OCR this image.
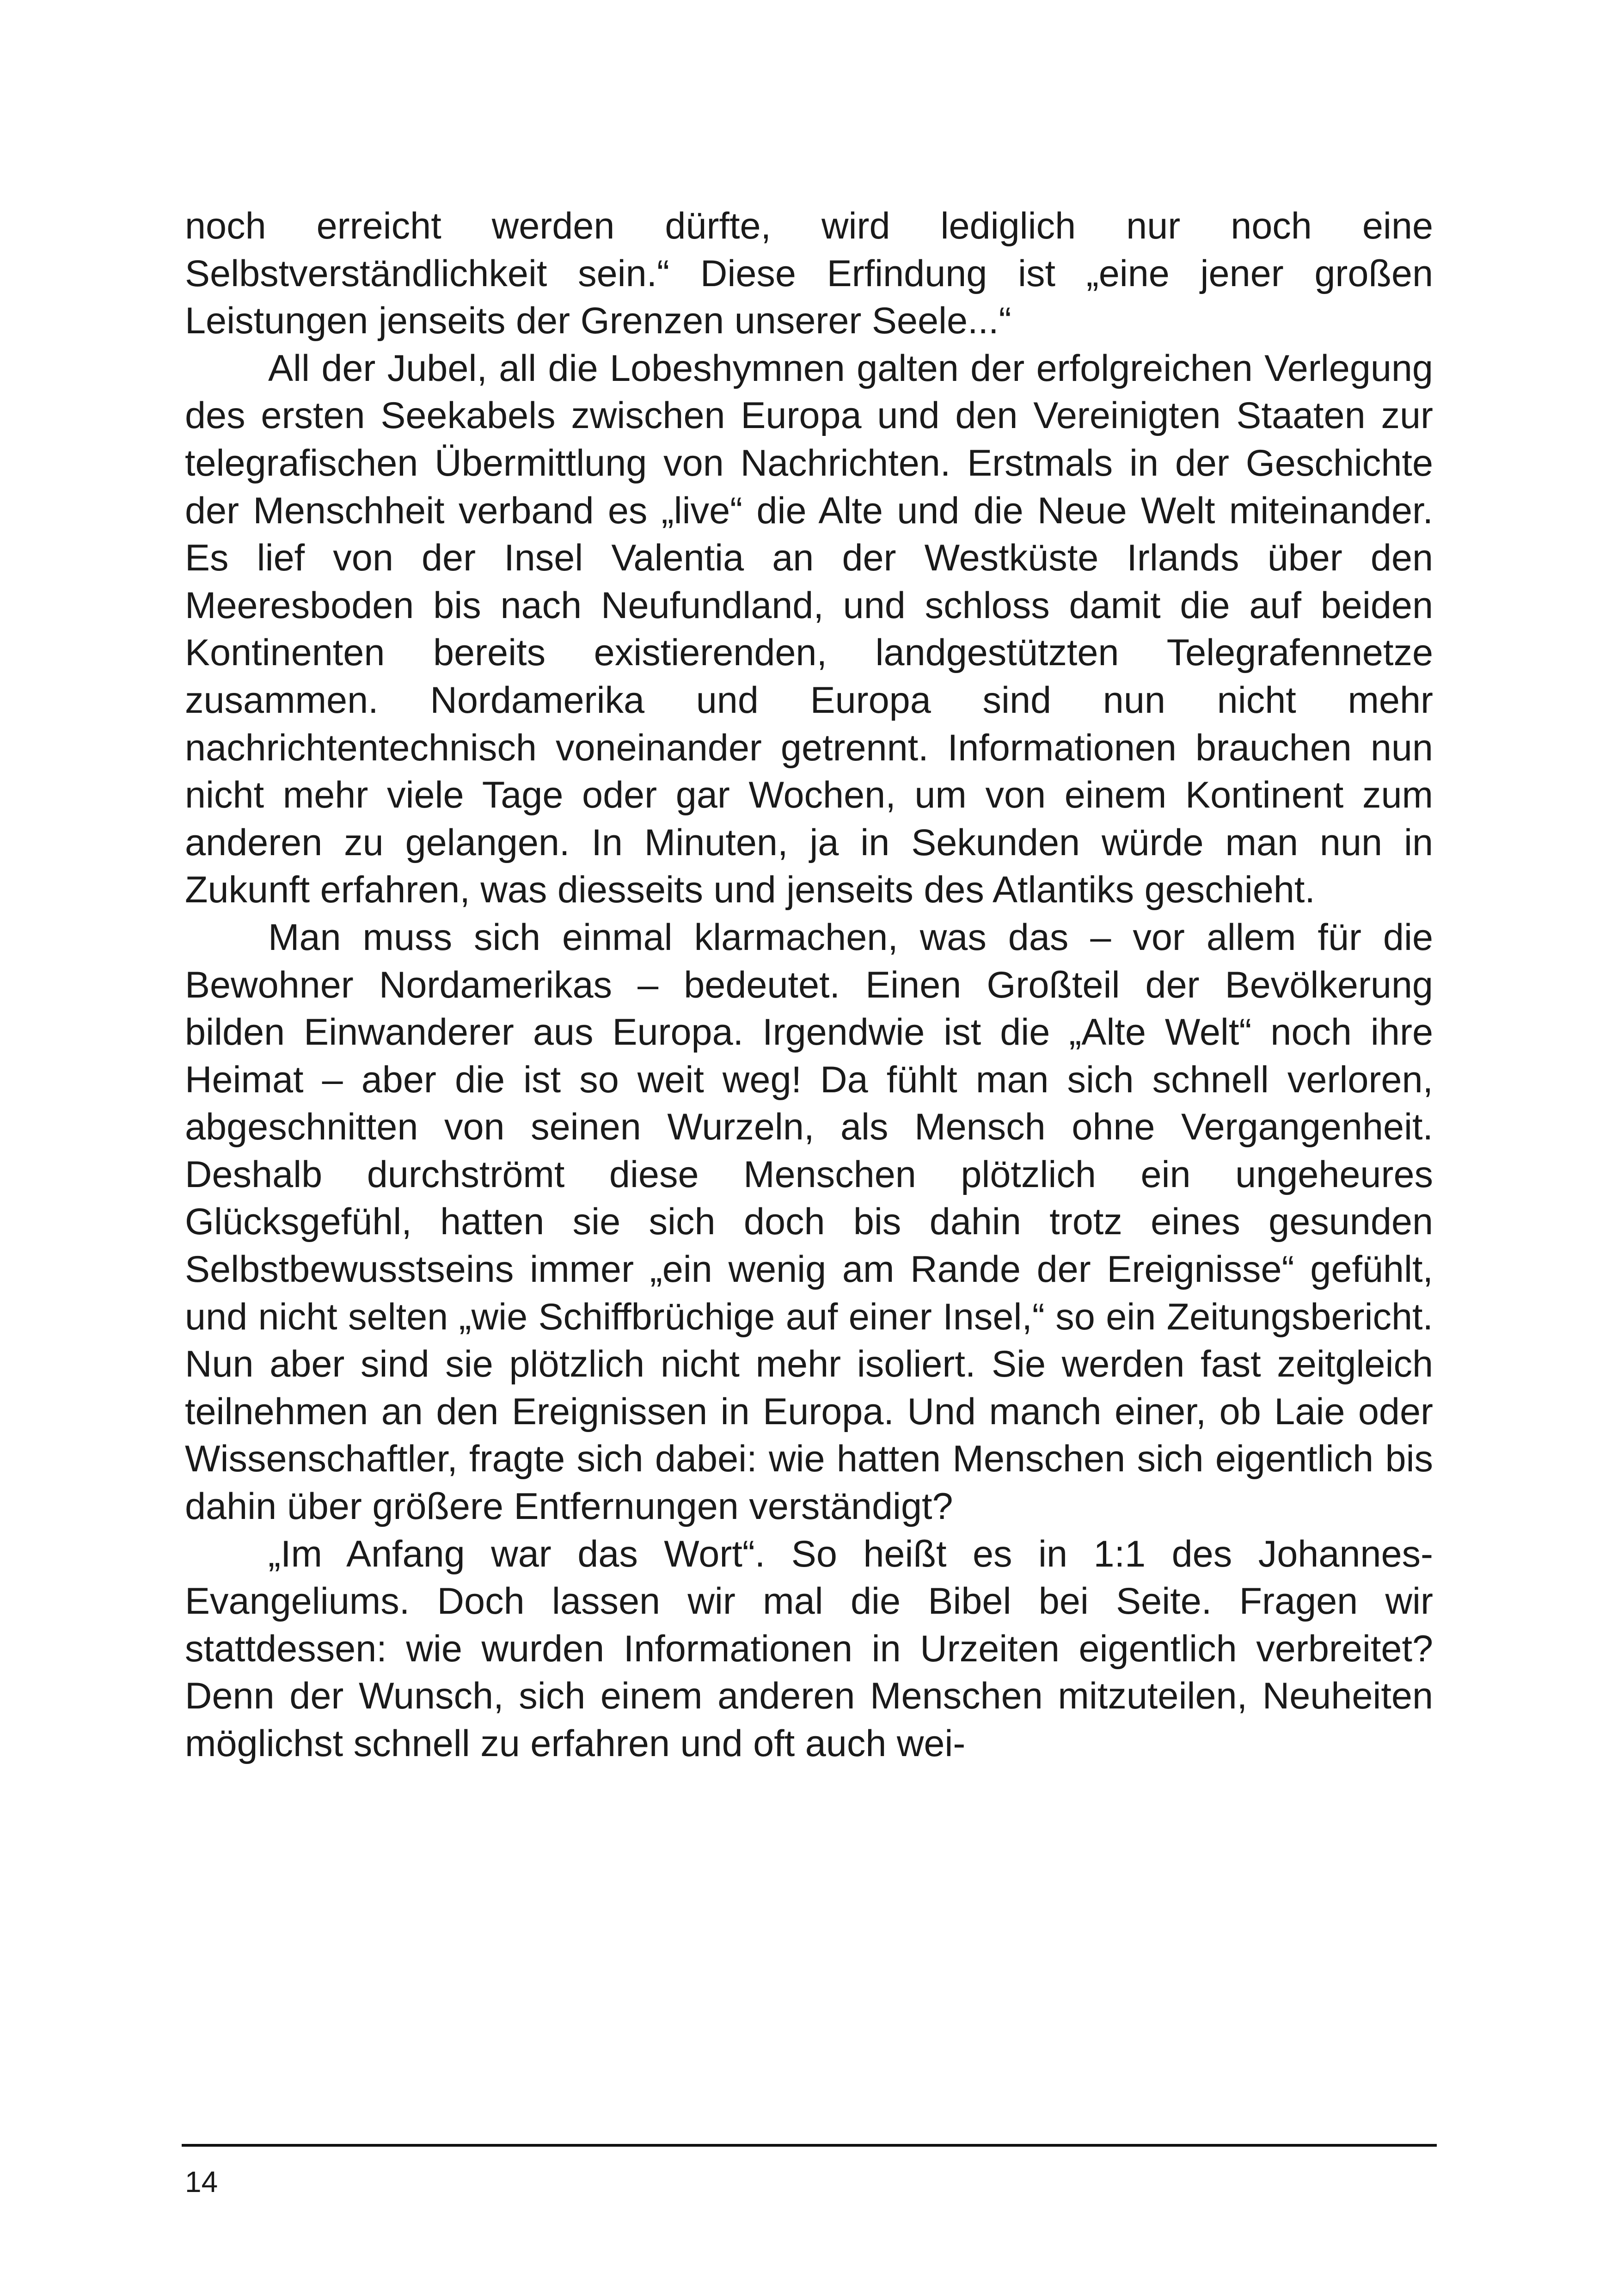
noch erreicht werden dürfte, wird lediglich nur noch eine Selbstverständlichkeit sein.“ Diese Erfindung ist „eine jener großen Leistungen jenseits der Grenzen unserer Seele...“

All der Jubel, all die Lobeshymnen galten der erfolgreichen Verlegung des ersten Seekabels zwischen Europa und den Vereinigten Staaten zur telegrafischen Übermittlung von Nachrichten. Erstmals in der Geschichte der Menschheit verband es „live“ die Alte und die Neue Welt miteinander. Es lief von der Insel Valentia an der Westküste Irlands über den Meeresboden bis nach Neufundland, und schloss damit die auf beiden Kontinenten bereits existierenden, landgestützten Telegrafennetze zusammen. Nordamerika und Europa sind nun nicht mehr nachrichtentechnisch voneinander getrennt. Informationen brauchen nun nicht mehr viele Tage oder gar Wochen, um von einem Kontinent zum anderen zu gelangen. In Minuten, ja in Sekunden würde man nun in Zukunft erfahren, was diesseits und jenseits des Atlantiks geschieht.

Man muss sich einmal klarmachen, was das – vor allem für die Bewohner Nordamerikas – bedeutet. Einen Großteil der Bevölkerung bilden Einwanderer aus Europa. Irgendwie ist die „Alte Welt“ noch ihre Heimat – aber die ist so weit weg! Da fühlt man sich schnell verloren, abgeschnitten von seinen Wurzeln, als Mensch ohne Vergangenheit. Deshalb durchströmt diese Menschen plötzlich ein ungeheures Glücksgefühl, hatten sie sich doch bis dahin trotz eines gesunden Selbstbewusstseins immer „ein wenig am Rande der Ereignisse“ gefühlt, und nicht selten „wie Schiffbrüchige auf einer Insel,“ so ein Zeitungsbericht. Nun aber sind sie plötzlich nicht mehr isoliert. Sie werden fast zeitgleich teilnehmen an den Ereignissen in Europa. Und manch einer, ob Laie oder Wissenschaftler, fragte sich dabei: wie hatten Menschen sich eigentlich bis dahin über größere Entfernungen verständigt?

„Im Anfang war das Wort“. So heißt es in 1:1 des Johannes-Evangeliums. Doch lassen wir mal die Bibel bei Seite. Fragen wir stattdessen: wie wurden Informationen in Urzeiten eigentlich verbreitet? Denn der Wunsch, sich einem anderen Menschen mitzuteilen, Neuheiten möglichst schnell zu erfahren und oft auch wei-

14
